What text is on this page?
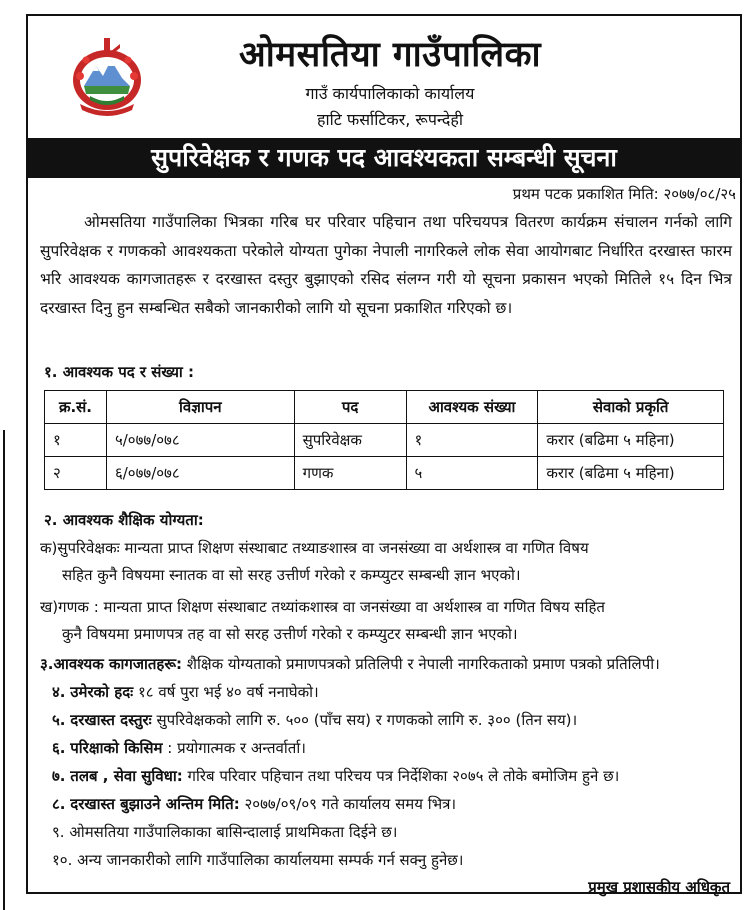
ओमसतिया गाउँपालिका
गाउँ कार्यपालिकाको कार्यालय
हाटि फर्साटिकर, रूपन्देही
सुपरिवेक्षक र गणक पद आवश्यकता सम्बन्धी सूचना
प्रथम पटक प्रकाशित मिति: २०७७/०८/२५

ओमसतिया गाउँपालिका भित्रका गरिब घर परिवार पहिचान तथा परिचयपत्र वितरण कार्यक्रम संचालन गर्नको लागि सुपरिवेक्षक र गणकको आवश्यकता परेकोले योग्यता पुगेका नेपाली नागरिकले लोक सेवा आयोगबाट निर्धारित दरखास्त फारम भरि आवश्यक कागजातहरू र दरखास्त दस्तुर बुझाएको रसिद संलग्न गरी यो सूचना प्रकासन भएको मितिले १५ दिन भित्र दरखास्त दिनु हुन सम्बन्धित सबैको जानकारीको लागि यो सूचना प्रकाशित गरिएको छ।

१. आवश्यक पद र संख्या :
क्र.सं.	विज्ञापन	पद	आवश्यक संख्या	सेवाको प्रकृति
१	५/०७७/०७८	सुपरिवेक्षक	१	करार (बढिमा ५ महिना)
२	६/०७७/०७८	गणक	५	करार (बढिमा ५ महिना)
२. आवश्यक शैक्षिक योग्यता:

क)सुपरिवेक्षकः मान्यता प्राप्त शिक्षण संस्थाबाट तथ्याङशास्त्र वा जनसंख्या वा अर्थशास्त्र वा गणित विषय
सहित कुनै विषयमा स्नातक वा सो सरह उत्तीर्ण गरेको र कम्प्युटर सम्बन्धी ज्ञान भएको।

ख)गणक : मान्यता प्राप्त शिक्षण संस्थाबाट तथ्यांकशास्त्र वा जनसंख्या वा अर्थशास्त्र वा गणित विषय सहित
कुनै विषयमा प्रमाणपत्र तह वा सो सरह उत्तीर्ण गरेको र कम्प्युटर सम्बन्धी ज्ञान भएको।

३.आवश्यक कागजातहरू: शैक्षिक योग्यताको प्रमाणपत्रको प्रतिलिपी र नेपाली नागरिकताको प्रमाण पत्रको प्रतिलिपी।
४. उमेरको हदः १८ वर्ष पुरा भई ४० वर्ष ननाघेको।
५. दरखास्त दस्तुरः सुपरिवेक्षकको लागि रु. ५०० (पाँच सय) र गणकको लागि रु. ३०० (तिन सय)।
६. परिक्षाको किसिम : प्रयोगात्मक र अन्तर्वार्ता।
७. तलब , सेवा सुविधा: गरिब परिवार पहिचान तथा परिचय पत्र निर्देशिका २०७५ ले तोके बमोजिम हुने छ।
८. दरखास्त बुझाउने अन्तिम मिति: २०७७/०९/०९ गते कार्यालय समय भित्र।
९. ओमसतिया गाउँपालिकाका बासिन्दालाई प्राथमिकता दिईने छ।
१०. अन्य जानकारीको लागि गाउँपालिका कार्यालयमा सम्पर्क गर्न सक्नु हुनेछ।
प्रमुख प्रशासकीय अधिकृत
